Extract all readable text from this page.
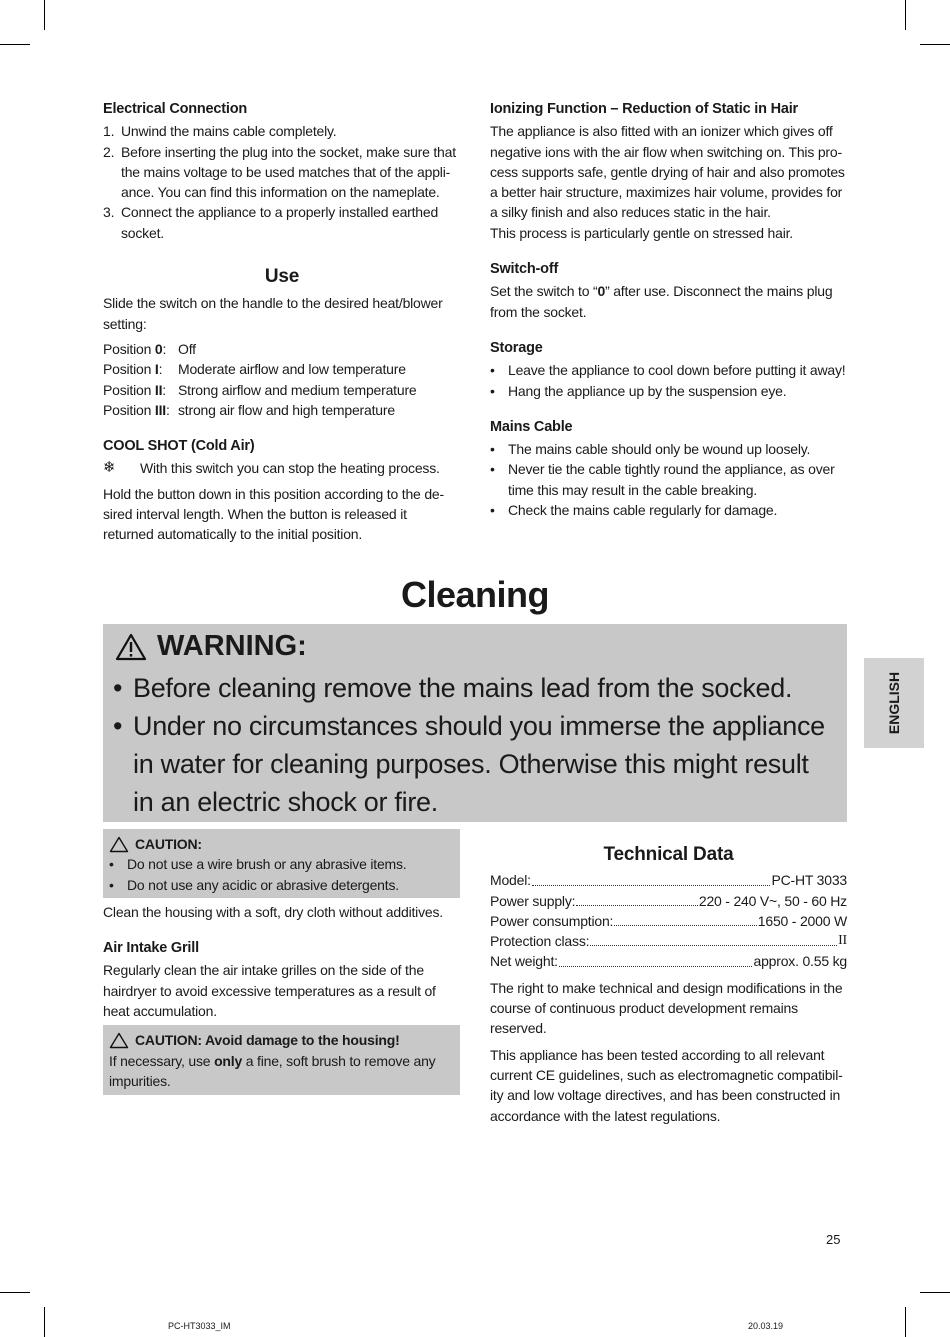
Electrical Connection
1. Unwind the mains cable completely.
2. Before inserting the plug into the socket, make sure that the mains voltage to be used matches that of the appliance. You can find this information on the nameplate.
3. Connect the appliance to a properly installed earthed socket.
Use

Slide the switch on the handle to the desired heat/blower setting:

Position 0:	Off
Position I:	Moderate airflow and low temperature
Position II:	Strong airflow and medium temperature
Position III:	strong air flow and high temperature
COOL SHOT (Cold Air)
❄	With this switch you can stop the heating process.

Hold the button down in this position according to the desired interval length. When the button is released it returned automatically to the initial position.

Ionizing Function – Reduction of Static in Hair

The appliance is also fitted with an ionizer which gives off negative ions with the air flow when switching on. This process supports safe, gentle drying of hair and also promotes a better hair structure, maximizes hair volume, provides for a silky finish and also reduces static in the hair.

This process is particularly gentle on stressed hair.

Switch-off

Set the switch to “0” after use. Disconnect the mains plug from the socket.

Storage
• Leave the appliance to cool down before putting it away!
• Hang the appliance up by the suspension eye.
Mains Cable
• The mains cable should only be wound up loosely.
• Never tie the cable tightly round the appliance, as over time this may result in the cable breaking.
• Check the mains cable regularly for damage.
Cleaning
WARNING:
• Before cleaning remove the mains lead from the socked.
• Under no circumstances should you immerse the appliance in water for cleaning purposes. Otherwise this might result in an electric shock or fire.
ENGLISH
CAUTION:
• Do not use a wire brush or any abrasive items.
• Do not use any acidic or abrasive detergents.

Clean the housing with a soft, dry cloth without additives.

Air Intake Grill

Regularly clean the air intake grilles on the side of the hairdryer to avoid excessive temperatures as a result of heat accumulation.

CAUTION: Avoid damage to the housing!

If necessary, use only a fine, soft brush to remove any impurities.

Technical Data
Model:	PC-HT 3033
Power supply:	220 - 240 V~, 50 - 60 Hz
Power consumption:	1650 - 2000 W
Protection class:	II
Net weight:	approx. 0.55 kg

The right to make technical and design modifications in the course of continuous product development remains reserved.

This appliance has been tested according to all relevant current CE guidelines, such as electromagnetic compatibility and low voltage directives, and has been constructed in accordance with the latest regulations.

25
PC-HT3033_IM	20.03.19
